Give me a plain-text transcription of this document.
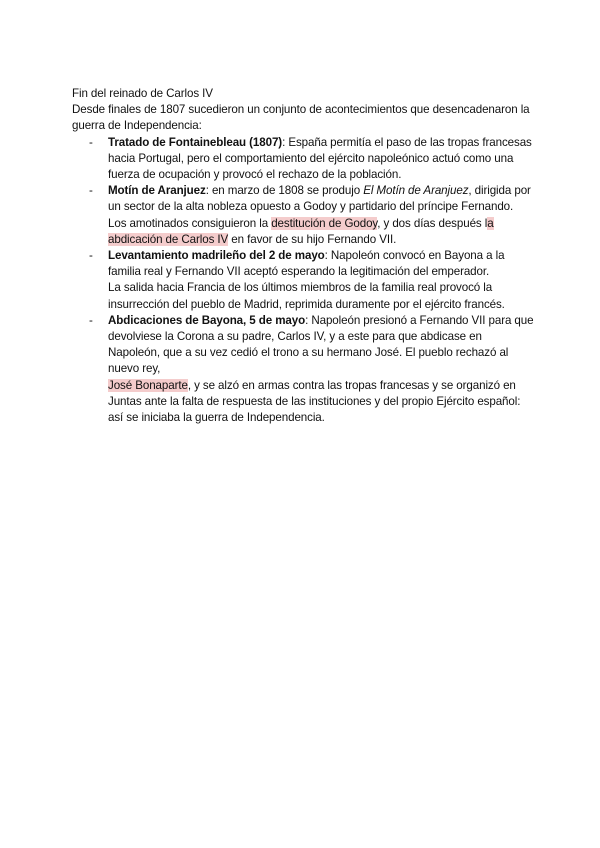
Fin del reinado de Carlos IV

Desde finales de 1807 sucedieron un conjunto de acontecimientos que desencadenaron la guerra de Independencia:

- Tratado de Fontainebleau (1807): España permitía el paso de las tropas francesas hacia Portugal, pero el comportamiento del ejército napoleónico actuó como una fuerza de ocupación y provocó el rechazo de la población.

- Motín de Aranjuez: en marzo de 1808 se produjo El Motín de Aranjuez, dirigida por un sector de la alta nobleza opuesto a Godoy y partidario del príncipe Fernando. Los amotinados consiguieron la destitución de Godoy, y dos días después la abdicación de Carlos IV en favor de su hijo Fernando VII.

- Levantamiento madrileño del 2 de mayo: Napoleón convocó en Bayona a la familia real y Fernando VII aceptó esperando la legitimación del emperador.

La salida hacia Francia de los últimos miembros de la familia real provocó la insurrección del pueblo de Madrid, reprimida duramente por el ejército francés.

- Abdicaciones de Bayona, 5 de mayo: Napoleón presionó a Fernando VII para que devolviese la Corona a su padre, Carlos IV, y a este para que abdicase en Napoleón, que a su vez cedió el trono a su hermano José. El pueblo rechazó al nuevo rey,

José Bonaparte, y se alzó en armas contra las tropas francesas y se organizó en

Juntas ante la falta de respuesta de las instituciones y del propio Ejército español:

así se iniciaba la guerra de Independencia.
